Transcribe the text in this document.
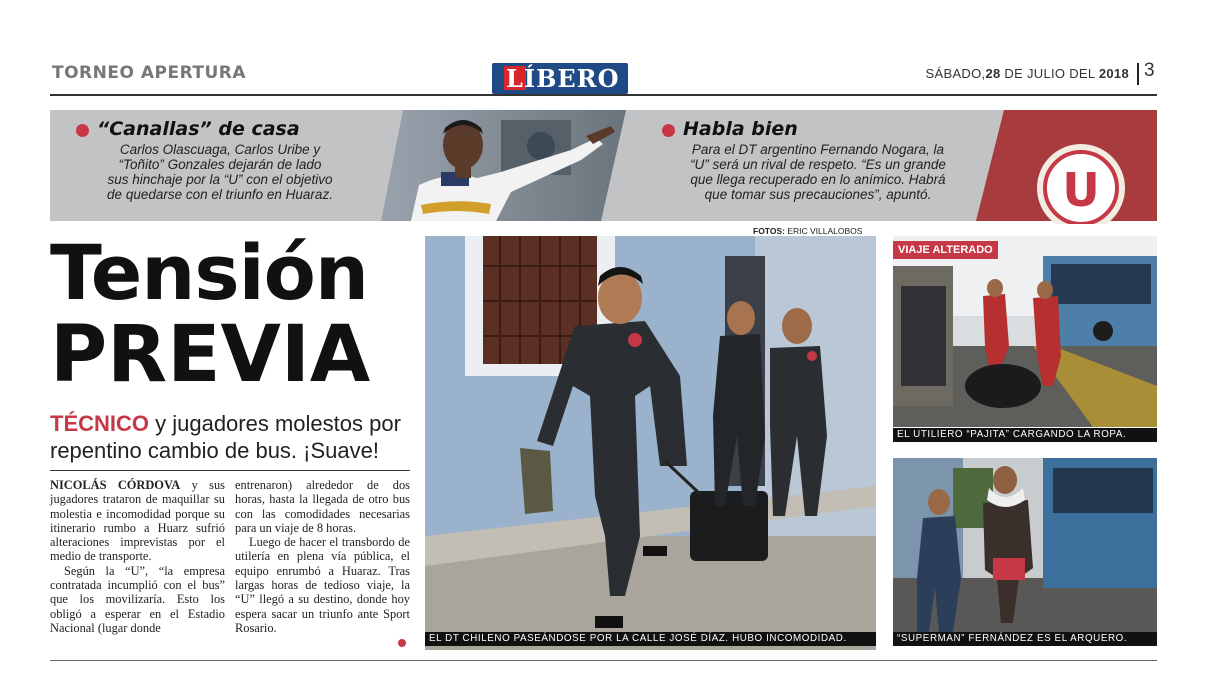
TORNEO APERTURA	LÍBERO	SÁBADO,28 DE JULIO DEL 2018 3
“Canallas” de casa
Carlos Olascuaga, Carlos Uribe y
“Toñito” Gonzales dejarán de lado
sus hinchaje por la “U” con el objetivo
de quedarse con el triunfo en Huaraz.
Habla bien
Para el DT argentino Fernando Nogara, la
“U” será un rival de respeto. “Es un grande
que llega recuperado en lo anímico. Habrá
que tomar sus precauciones”, apuntó.	U
Tensión
PREVIA
TÉCNICO y jugadores molestos por repentino cambio de bus. ¡Suave!

NICOLÁS CÓRDOVA y sus jugadores trataron de maquillar su molestia e incomodidad porque su itinerario rumbo a Huarz sufrió alteraciones imprevistas por el medio de transporte.

Según la “U”, “la empresa contratada incumplió con el bus” que los movilizaría. Esto los obligó a esperar en el Estadio Nacional (lugar donde

entrenaron) alrededor de dos horas, hasta la llegada de otro bus con las comodidades necesarias para un viaje de 8 horas.

Luego de hacer el transbordo de utilería en plena vía pública, el equipo enrumbó a Huaraz. Tras largas horas de tedioso viaje, la “U” llegó a su destino, donde hoy espera sacar un triunfo ante Sport Rosario.

FOTOS: ERIC VILLALOBOS
EL DT CHILENO PASEÁNDOSE POR LA CALLE JOSÉ DÍAZ. HUBO INCOMODIDAD.
VIAJE ALTERADO
EL UTILIERO “PAJITA” CARGANDO LA ROPA.
“SUPERMAN” FERNÁNDEZ ES EL ARQUERO.
